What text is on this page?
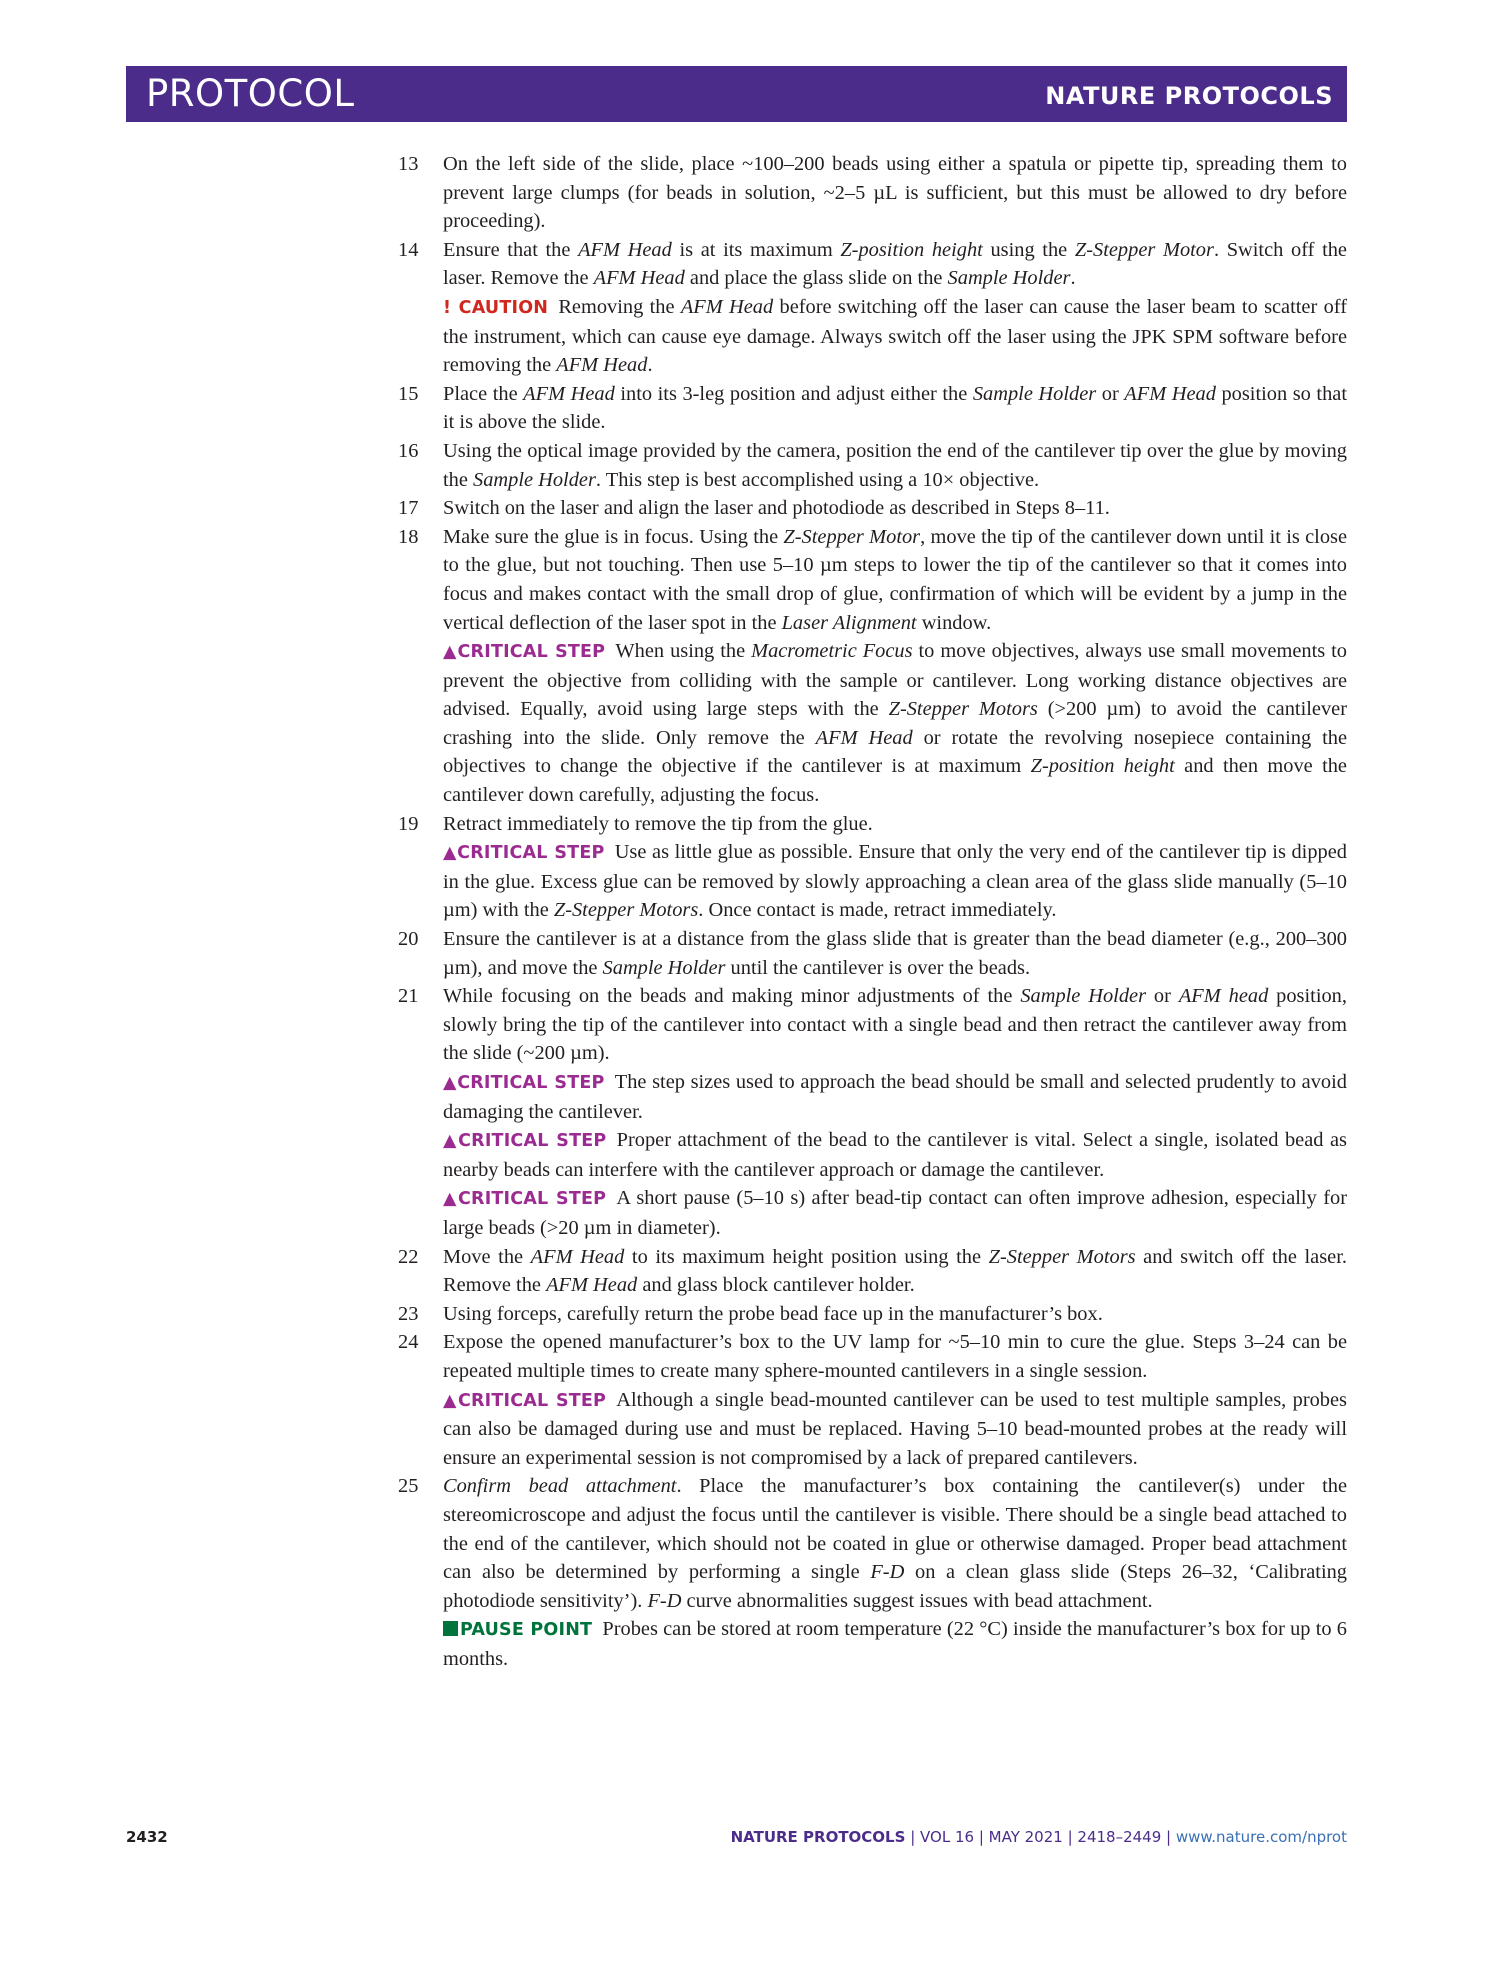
PROTOCOL	NATURE PROTOCOLS
13	On the left side of the slide, place ~100–200 beads using either a spatula or pipette tip, spreading them to prevent large clumps (for beads in solution, ~2–5 µL is sufficient, but this must be allowed to dry before proceeding).

14	Ensure that the AFM Head is at its maximum Z-position height using the Z-Stepper Motor. Switch off the laser. Remove the AFM Head and place the glass slide on the Sample Holder.

! CAUTION  Removing the AFM Head before switching off the laser can cause the laser beam to scatter off the instrument, which can cause eye damage. Always switch off the laser using the JPK SPM software before removing the AFM Head.

15	Place the AFM Head into its 3-leg position and adjust either the Sample Holder or AFM Head position so that it is above the slide.

16	Using the optical image provided by the camera, position the end of the cantilever tip over the glue by moving the Sample Holder. This step is best accomplished using a 10× objective.

17	Switch on the laser and align the laser and photodiode as described in Steps 8–11.

18	Make sure the glue is in focus. Using the Z-Stepper Motor, move the tip of the cantilever down until it is close to the glue, but not touching. Then use 5–10 µm steps to lower the tip of the cantilever so that it comes into focus and makes contact with the small drop of glue, confirmation of which will be evident by a jump in the vertical deflection of the laser spot in the Laser Alignment window.

▲CRITICAL STEP  When using the Macrometric Focus to move objectives, always use small movements to prevent the objective from colliding with the sample or cantilever. Long working distance objectives are advised. Equally, avoid using large steps with the Z-Stepper Motors (>200 µm) to avoid the cantilever crashing into the slide. Only remove the AFM Head or rotate the revolving nosepiece containing the objectives to change the objective if the cantilever is at maximum Z-position height and then move the cantilever down carefully, adjusting the focus.

19	Retract immediately to remove the tip from the glue.

▲CRITICAL STEP  Use as little glue as possible. Ensure that only the very end of the cantilever tip is dipped in the glue. Excess glue can be removed by slowly approaching a clean area of the glass slide manually (5–10 µm) with the Z-Stepper Motors. Once contact is made, retract immediately.

20	Ensure the cantilever is at a distance from the glass slide that is greater than the bead diameter (e.g., 200–300 µm), and move the Sample Holder until the cantilever is over the beads.

21	While focusing on the beads and making minor adjustments of the Sample Holder or AFM head position, slowly bring the tip of the cantilever into contact with a single bead and then retract the cantilever away from the slide (~200 µm).

▲CRITICAL STEP  The step sizes used to approach the bead should be small and selected prudently to avoid damaging the cantilever.

▲CRITICAL STEP  Proper attachment of the bead to the cantilever is vital. Select a single, isolated bead as nearby beads can interfere with the cantilever approach or damage the cantilever.

▲CRITICAL STEP  A short pause (5–10 s) after bead-tip contact can often improve adhesion, especially for large beads (>20 µm in diameter).

22	Move the AFM Head to its maximum height position using the Z-Stepper Motors and switch off the laser. Remove the AFM Head and glass block cantilever holder.

23	Using forceps, carefully return the probe bead face up in the manufacturer’s box.

24	Expose the opened manufacturer’s box to the UV lamp for ~5–10 min to cure the glue. Steps 3–24 can be repeated multiple times to create many sphere-mounted cantilevers in a single session.

▲CRITICAL STEP  Although a single bead-mounted cantilever can be used to test multiple samples, probes can also be damaged during use and must be replaced. Having 5–10 bead-mounted probes at the ready will ensure an experimental session is not compromised by a lack of prepared cantilevers.

25	Confirm bead attachment. Place the manufacturer’s box containing the cantilever(s) under the stereomicroscope and adjust the focus until the cantilever is visible. There should be a single bead attached to the end of the cantilever, which should not be coated in glue or otherwise damaged. Proper bead attachment can also be determined by performing a single F-D on a clean glass slide (Steps 26–32, ‘Calibrating photodiode sensitivity’). F-D curve abnormalities suggest issues with bead attachment.

PAUSE POINT  Probes can be stored at room temperature (22 °C) inside the manufacturer’s box for up to 6 months.

2432	NATURE PROTOCOLS | VOL 16 | MAY 2021 | 2418–2449 | www.nature.com/nprot
